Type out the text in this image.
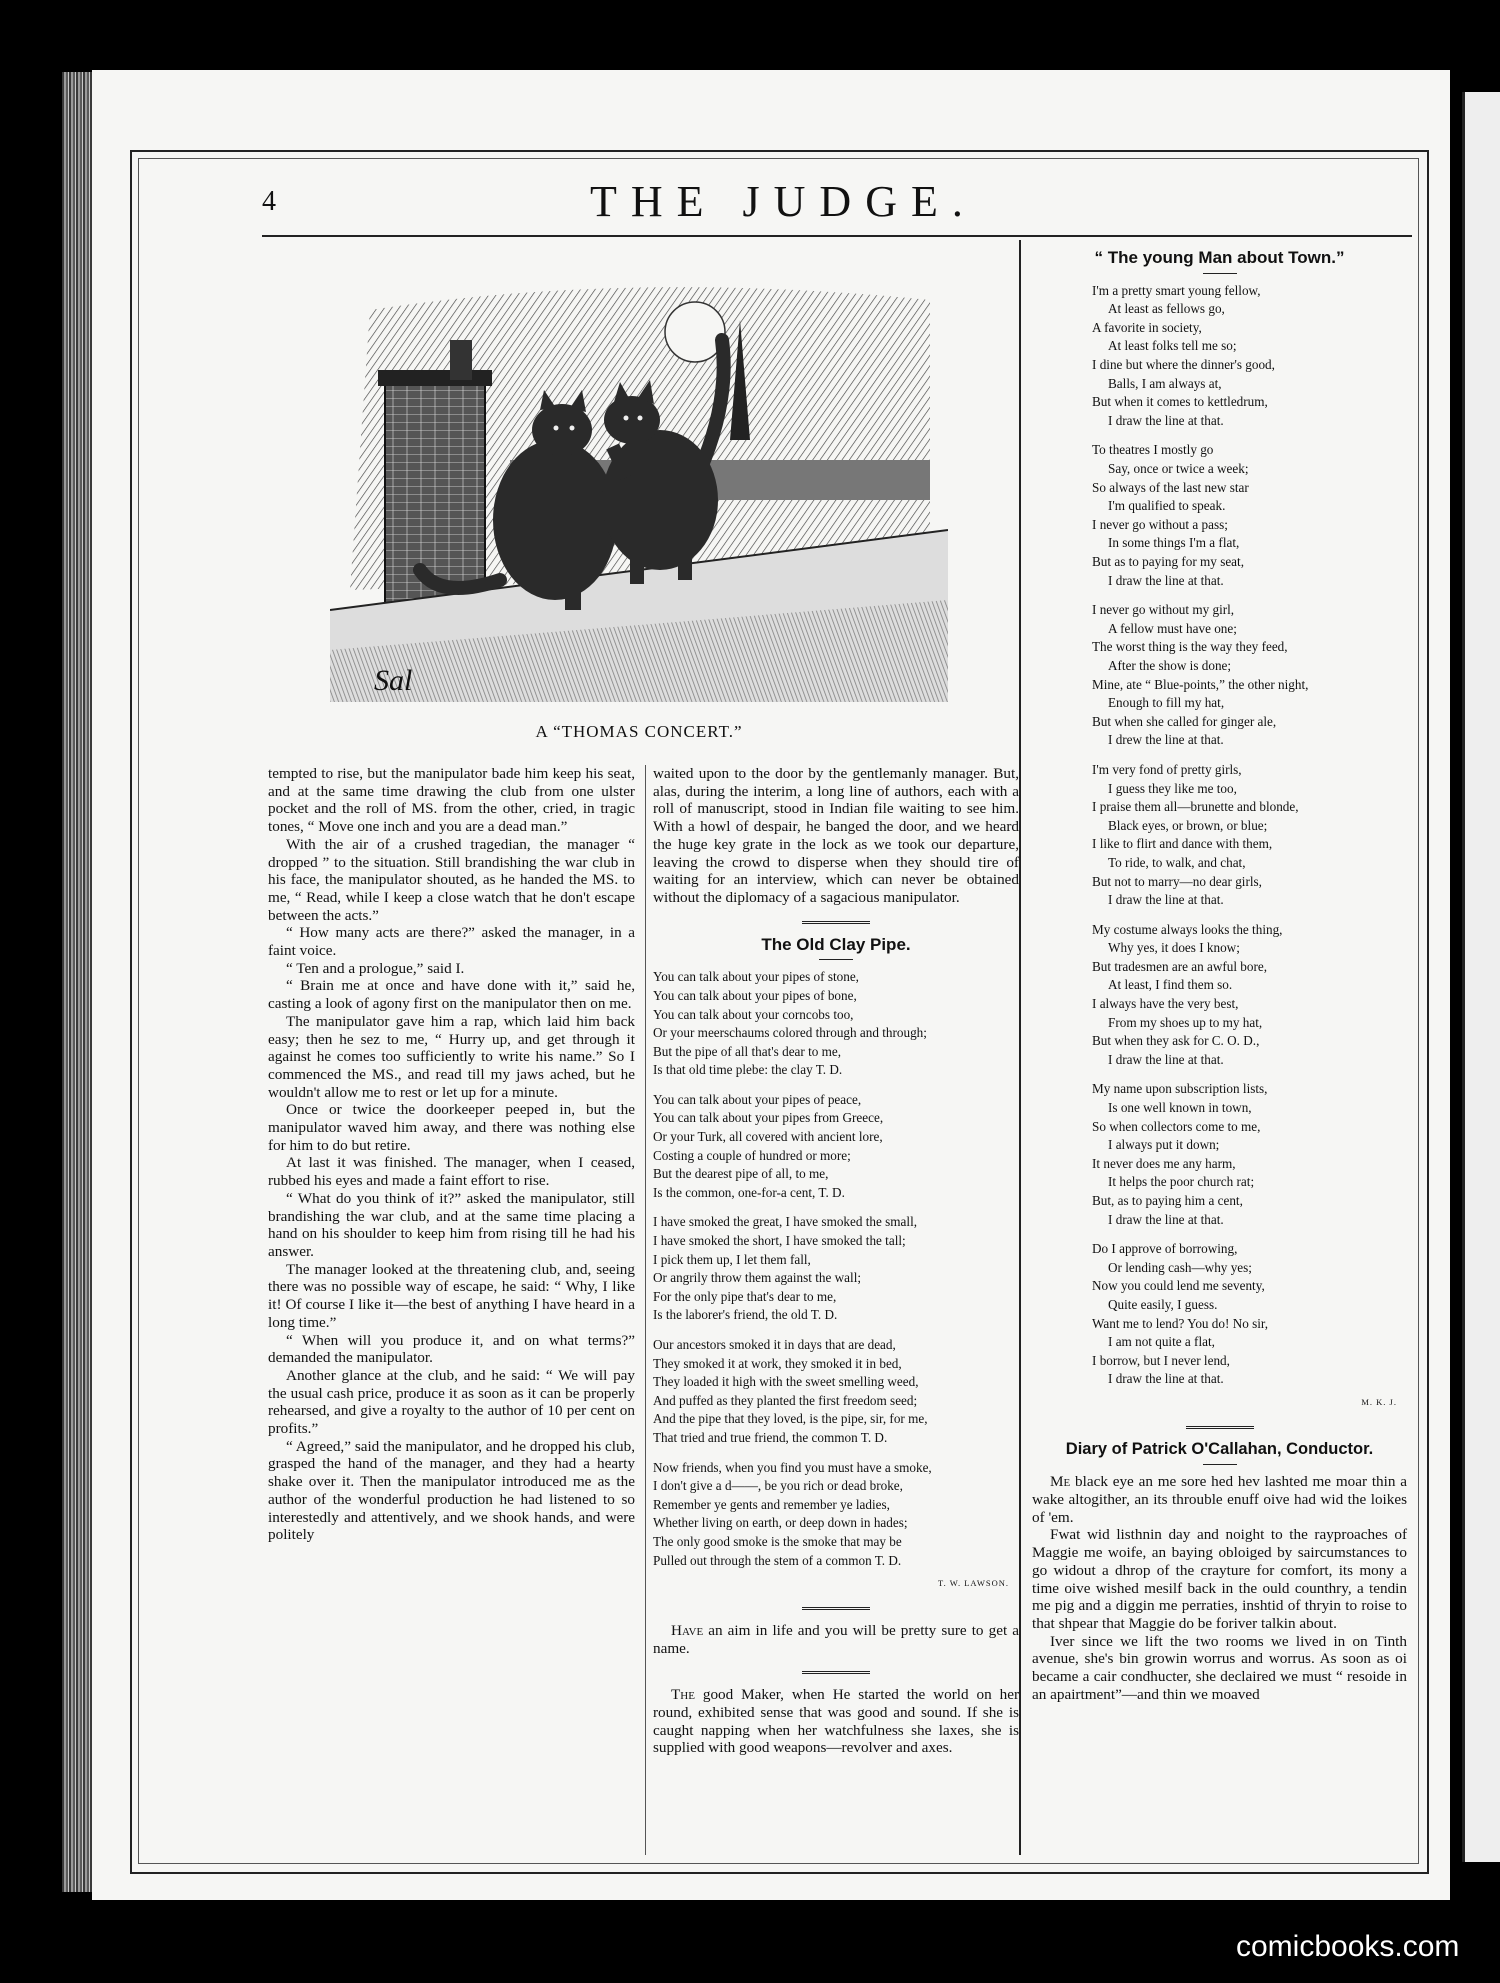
4	THE JUDGE.
Sal
A “THOMAS CONCERT.”

tempted to rise, but the manipulator bade him keep his seat, and at the same time drawing the club from one ulster pocket and the roll of MS. from the other, cried, in tragic tones, “ Move one inch and you are a dead man.”

With the air of a crushed tragedian, the manager “ dropped ” to the situation. Still brandishing the war club in his face, the manipulator shouted, as he handed the MS. to me, “ Read, while I keep a close watch that he don't escape between the acts.”

“ How many acts are there?” asked the manager, in a faint voice.

“ Ten and a prologue,” said I.

“ Brain me at once and have done with it,” said he, casting a look of agony first on the manipulator then on me.

The manipulator gave him a rap, which laid him back easy; then he sez to me, “ Hurry up, and get through it against he comes too sufficiently to write his name.” So I commenced the MS., and read till my jaws ached, but he wouldn't allow me to rest or let up for a minute.

Once or twice the doorkeeper peeped in, but the manipulator waved him away, and there was nothing else for him to do but retire.

At last it was finished. The manager, when I ceased, rubbed his eyes and made a faint effort to rise.

“ What do you think of it?” asked the manipulator, still brandishing the war club, and at the same time placing a hand on his shoulder to keep him from rising till he had his answer.

The manager looked at the threatening club, and, seeing there was no possible way of escape, he said: “ Why, I like it! Of course I like it—the best of anything I have heard in a long time.”

“ When will you produce it, and on what terms?” demanded the manipulator.

Another glance at the club, and he said: “ We will pay the usual cash price, produce it as soon as it can be properly rehearsed, and give a royalty to the author of 10 per cent on profits.”

“ Agreed,” said the manipulator, and he dropped his club, grasped the hand of the manager, and they had a hearty shake over it. Then the manipulator introduced me as the author of the wonderful production he had listened to so interestedly and attentively, and we shook hands, and were politely

waited upon to the door by the gentlemanly manager. But, alas, during the interim, a long line of authors, each with a roll of manuscript, stood in Indian file waiting to see him. With a howl of despair, he banged the door, and we heard the huge key grate in the lock as we took our departure, leaving the crowd to disperse when they should tire of waiting for an interview, which can never be obtained without the diplomacy of a sagacious manipulator.

The Old Clay Pipe.
You can talk about your pipes of stone,
You can talk about your pipes of bone,
You can talk about your corncobs too,
Or your meerschaums colored through and through;
But the pipe of all that's dear to me,
Is that old time plebe: the clay T. D.
You can talk about your pipes of peace,
You can talk about your pipes from Greece,
Or your Turk, all covered with ancient lore,
Costing a couple of hundred or more;
But the dearest pipe of all, to me,
Is the common, one-for-a cent, T. D.
I have smoked the great, I have smoked the small,
I have smoked the short, I have smoked the tall;
I pick them up, I let them fall,
Or angrily throw them against the wall;
For the only pipe that's dear to me,
Is the laborer's friend, the old T. D.
Our ancestors smoked it in days that are dead,
They smoked it at work, they smoked it in bed,
They loaded it high with the sweet smelling weed,
And puffed as they planted the first freedom seed;
And the pipe that they loved, is the pipe, sir, for me,
That tried and true friend, the common T. D.
Now friends, when you find you must have a smoke,
I don't give a d——, be you rich or dead broke,
Remember ye gents and remember ye ladies,
Whether living on earth, or deep down in hades;
The only good smoke is the smoke that may be
Pulled out through the stem of a common T. D.
T. W. LAWSON.

Have an aim in life and you will be pretty sure to get a name.

The good Maker, when He started the world on her round, exhibited sense that was good and sound. If she is caught napping when her watchfulness she laxes, she is supplied with good weapons—revolver and axes.

“ The young Man about Town.”
I'm a pretty smart young fellow,
At least as fellows go,
A favorite in society,
At least folks tell me so;
I dine but where the dinner's good,
Balls, I am always at,
But when it comes to kettledrum,
I draw the line at that.
To theatres I mostly go
Say, once or twice a week;
So always of the last new star
I'm qualified to speak.
I never go without a pass;
In some things I'm a flat,
But as to paying for my seat,
I draw the line at that.
I never go without my girl,
A fellow must have one;
The worst thing is the way they feed,
After the show is done;
Mine, ate “ Blue-points,” the other night,
Enough to fill my hat,
But when she called for ginger ale,
I drew the line at that.
I'm very fond of pretty girls,
I guess they like me too,
I praise them all—brunette and blonde,
Black eyes, or brown, or blue;
I like to flirt and dance with them,
To ride, to walk, and chat,
But not to marry—no dear girls,
I draw the line at that.
My costume always looks the thing,
Why yes, it does I know;
But tradesmen are an awful bore,
At least, I find them so.
I always have the very best,
From my shoes up to my hat,
But when they ask for C. O. D.,
I draw the line at that.
My name upon subscription lists,
Is one well known in town,
So when collectors come to me,
I always put it down;
It never does me any harm,
It helps the poor church rat;
But, as to paying him a cent,
I draw the line at that.
Do I approve of borrowing,
Or lending cash—why yes;
Now you could lend me seventy,
Quite easily, I guess.
Want me to lend? You do! No sir,
I am not quite a flat,
I borrow, but I never lend,
I draw the line at that.
M. K. J.
Diary of Patrick O'Callahan, Conductor.

Me black eye an me sore hed hev lashted me moar thin a wake altogither, an its throuble enuff oive had wid the loikes of 'em.

Fwat wid listhnin day and noight to the rayproaches of Maggie me woife, an baying obloiged by saircumstances to go widout a dhrop of the crayture for comfort, its mony a time oive wished mesilf back in the ould counthry, a tendin me pig and a diggin me perraties, inshtid of thryin to roise to that shpear that Maggie do be foriver talkin about.

Iver since we lift the two rooms we lived in on Tinth avenue, she's bin growin worrus and worrus. As soon as oi became a cair condhucter, she declaired we must “ resoide in an apairtment”—and thin we moaved

comicbooks.com
